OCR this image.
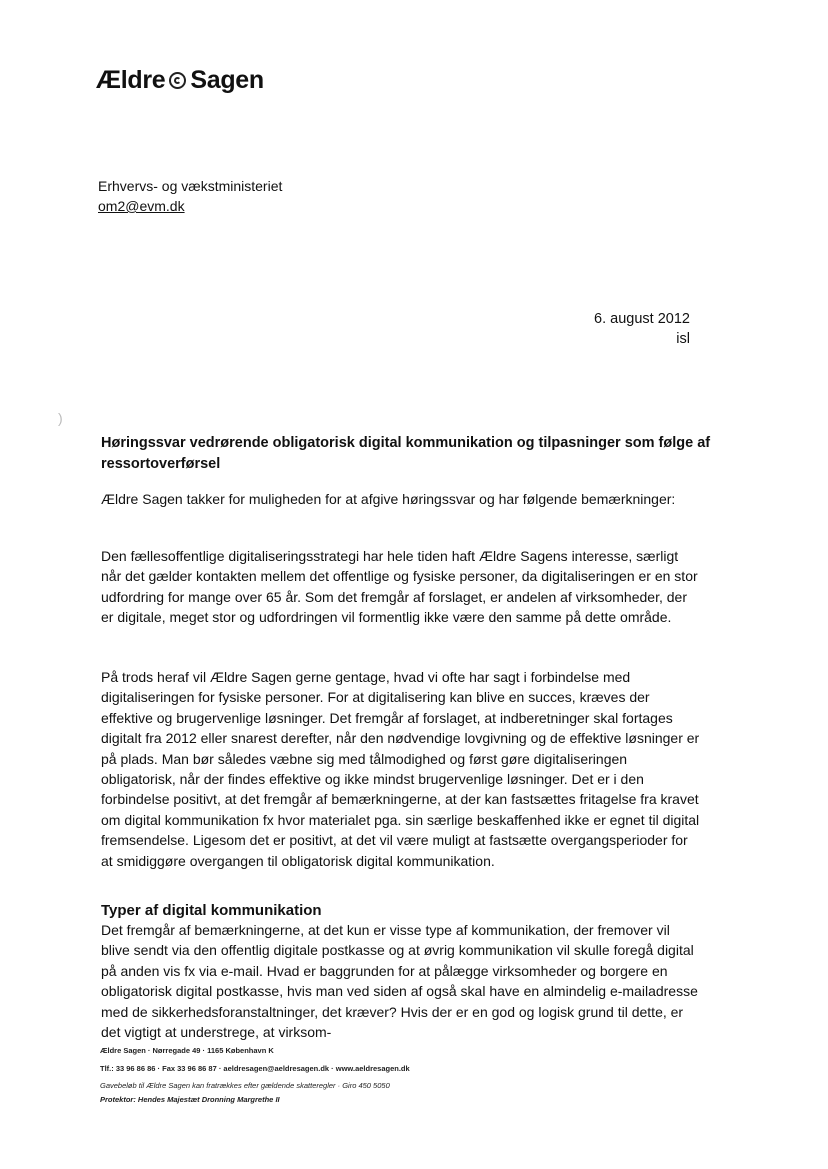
Ældre Sagen
Erhvervs- og vækstministeriet
om2@evm.dk
6. august 2012
isl
)
Høringssvar vedrørende obligatorisk digital kommunikation og tilpasninger som følge af ressortoverførsel
Ældre Sagen takker for muligheden for at afgive høringssvar og har følgende bemærkninger:
Den fællesoffentlige digitaliseringsstrategi har hele tiden haft Ældre Sagens interesse, særligt når det gælder kontakten mellem det offentlige og fysiske personer, da digitaliseringen er en stor udfordring for mange over 65 år. Som det fremgår af forslaget, er andelen af virksomheder, der er digitale, meget stor og udfordringen vil formentlig ikke være den samme på dette område.
På trods heraf vil Ældre Sagen gerne gentage, hvad vi ofte har sagt i forbindelse med digitaliseringen for fysiske personer. For at digitalisering kan blive en succes, kræves der effektive og brugervenlige løsninger. Det fremgår af forslaget, at indberetninger skal fortages digitalt fra 2012 eller snarest derefter, når den nødvendige lovgivning og de effektive løsninger er på plads. Man bør således væbne sig med tålmodighed og først gøre digitaliseringen obligatorisk, når der findes effektive og ikke mindst brugervenlige løsninger. Det er i den forbindelse positivt, at det fremgår af bemærkningerne, at der kan fastsættes fritagelse fra kravet om digital kommunikation fx hvor materialet pga. sin særlige beskaffenhed ikke er egnet til digital fremsendelse. Ligesom det er positivt, at det vil være muligt at fastsætte overgangsperioder for at smidiggøre overgangen til obligatorisk digital kommunikation.
Typer af digital kommunikation
Det fremgår af bemærkningerne, at det kun er visse type af kommunikation, der fremover vil blive sendt via den offentlig digitale postkasse og at øvrig kommunikation vil skulle foregå digital på anden vis fx via e-mail. Hvad er baggrunden for at pålægge virksomheder og borgere en obligatorisk digital postkasse, hvis man ved siden af også skal have en almindelig e-mailadresse med de sikkerhedsforanstaltninger, det kræver? Hvis der er en god og logisk grund til dette, er det vigtigt at understrege, at virksom-
Ældre Sagen · Nørregade 49 · 1165 København K
Tlf.: 33 96 86 86 · Fax 33 96 86 87 · aeldresagen@aeldresagen.dk · www.aeldresagen.dk
Gavebeløb til Ældre Sagen kan fratrækkes efter gældende skatteregler · Giro 450 5050
Protektor: Hendes Majestæt Dronning Margrethe II
